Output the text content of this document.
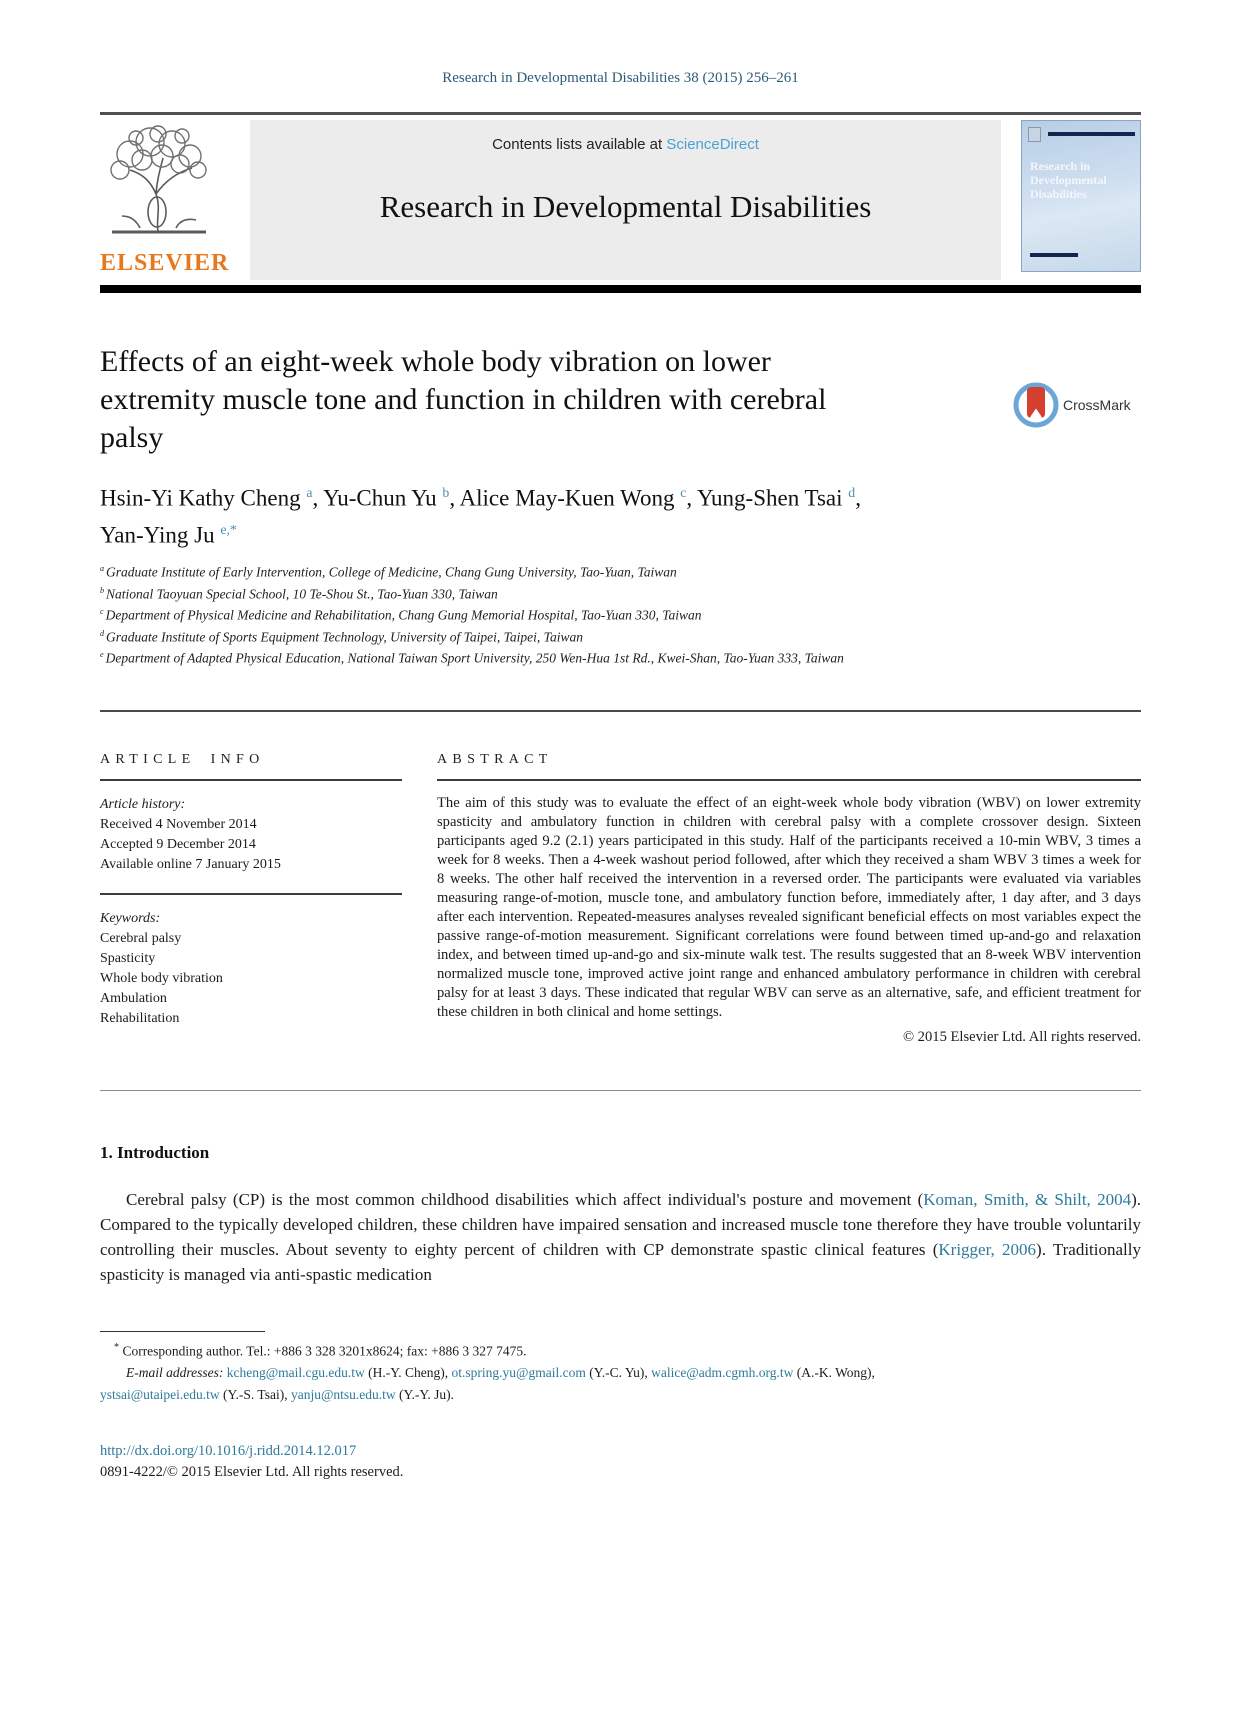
Research in Developmental Disabilities 38 (2015) 256–261
ELSEVIER
Contents lists available at ScienceDirect
Research in Developmental Disabilities
Research in Developmental Disabilities
Effects of an eight-week whole body vibration on lower
extremity muscle tone and function in children with cerebral
palsy
CrossMark
Hsin-Yi Kathy Cheng $^a$, Yu-Chun Yu $^b$, Alice May-Kuen Wong $^c$, Yung-Shen Tsai $^d$,
Yan-Ying Ju $^{e,*}$
$^a$ Graduate Institute of Early Intervention, College of Medicine, Chang Gung University, Tao-Yuan, Taiwan
$^b$ National Taoyuan Special School, 10 Te-Shou St., Tao-Yuan 330, Taiwan
$^c$ Department of Physical Medicine and Rehabilitation, Chang Gung Memorial Hospital, Tao-Yuan 330, Taiwan
$^d$ Graduate Institute of Sports Equipment Technology, University of Taipei, Taipei, Taiwan
$^e$ Department of Adapted Physical Education, National Taiwan Sport University, 250 Wen-Hua 1st Rd., Kwei-Shan, Tao-Yuan 333, Taiwan
ARTICLE INFO
Article history:
Received 4 November 2014
Accepted 9 December 2014
Available online 7 January 2015
Keywords:
Cerebral palsy
Spasticity
Whole body vibration
Ambulation
Rehabilitation
ABSTRACT

The aim of this study was to evaluate the effect of an eight-week whole body vibration (WBV) on lower extremity spasticity and ambulatory function in children with cerebral palsy with a complete crossover design. Sixteen participants aged 9.2 (2.1) years participated in this study. Half of the participants received a 10-min WBV, 3 times a week for 8 weeks. Then a 4-week washout period followed, after which they received a sham WBV 3 times a week for 8 weeks. The other half received the intervention in a reversed order. The participants were evaluated via variables measuring range-of-motion, muscle tone, and ambulatory function before, immediately after, 1 day after, and 3 days after each intervention. Repeated-measures analyses revealed significant beneficial effects on most variables expect the passive range-of-motion measurement. Significant correlations were found between timed up-and-go and relaxation index, and between timed up-and-go and six-minute walk test. The results suggested that an 8-week WBV intervention normalized muscle tone, improved active joint range and enhanced ambulatory performance in children with cerebral palsy for at least 3 days. These indicated that regular WBV can serve as an alternative, safe, and efficient treatment for these children in both clinical and home settings.

© 2015 Elsevier Ltd. All rights reserved.
1. Introduction

Cerebral palsy (CP) is the most common childhood disabilities which affect individual's posture and movement (Koman, Smith, & Shilt, 2004). Compared to the typically developed children, these children have impaired sensation and increased muscle tone therefore they have trouble voluntarily controlling their muscles. About seventy to eighty percent of children with CP demonstrate spastic clinical features (Krigger, 2006). Traditionally spasticity is managed via anti-spastic medication

* Corresponding author. Tel.: +886 3 328 3201x8624; fax: +886 3 327 7475.

E-mail addresses: kcheng@mail.cgu.edu.tw (H.-Y. Cheng), ot.spring.yu@gmail.com (Y.-C. Yu), walice@adm.cgmh.org.tw (A.-K. Wong),

ystsai@utaipei.edu.tw (Y.-S. Tsai), yanju@ntsu.edu.tw (Y.-Y. Ju).

http://dx.doi.org/10.1016/j.ridd.2014.12.017
0891-4222/© 2015 Elsevier Ltd. All rights reserved.
